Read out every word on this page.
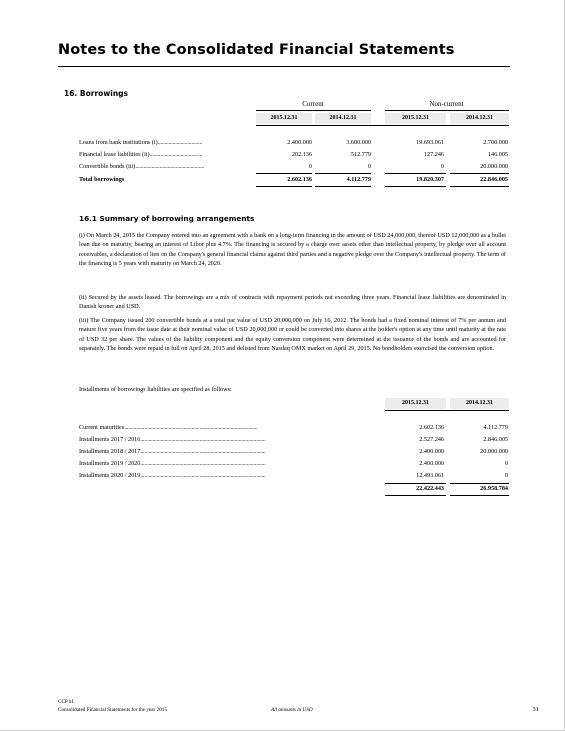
Notes to the Consolidated Financial Statements
16. Borrowings
Current	Non-current
2015.12.31	2014.12.31	2015.12.31	2014.12.31
Loans from bank institutions (i).................................	2.400.000	3.600.000	19.693.061	2.700.000
Financial lease liabilities (ii).......................................	202.136	512.779	127.246	146.005
Convertible bonds (iii)...................................................	0	0	0	20.000.000
Total borrowings	2.602.136	4.112.779	19.820.307	22.846.005
16.1 Summary of borrowing arrangements
(i) On March 24, 2015 the Company entered into an agreement with a bank on a long-term financing in the amount of USD 24,000,000, thereof USD 12,000,000 as a bullet loan due on maturity, bearing an interest of Libor plus 4.7%. The financing is secured by a charge over assets other than intellectual property, by pledge over all account receivables, a declaration of lien on the Company's general financial claims against third parties and a negative pledge over the Company's intellectual property. The term of the financing is 5 years with maturity on March 24, 2020.
(ii) Secured by the assets leased. The borrowings are a mix of contracts with repayment periods not exceeding three years. Financial lease liabilities are denominated in Danish kroner and USD.
(iii) The Company issued 200 convertible bonds at a total par value of USD 20,000,000 on July 16, 2012. The bonds had a fixed nominal interest of 7% per annum and mature five years from the issue date at their nominal value of USD 20,000,000 or could be converted into shares at the holder's option at any time until maturity at the rate of USD 32 per share. The values of the liability component and the equity conversion component were determined at the issuance of the bonds and are accounted for separately. The bonds were repaid in full on April 28, 2015 and delisted from Nasdaq OMX market on April 29, 2015. No bondholders exercised the conversion option.
Installments of borrowings liabilities are specified as follows:
2015.12.31	2014.12.31
Current maturities...................................................................................................	2.602.136	4.112.779
Installments 2017 / 2016.............................................................................................	2.527.246	2.846.005
Installments 2018 / 2017.............................................................................................	2.400.000	20.000.000
Installments 2019 / 2020.............................................................................................	2.400.000	0
Installments 2020 / 2019.............................................................................................	12.493.061	0
22.422.443	26.958.784
CCP hf.
Consolidated Financial Statements for the year 2015	All amounts in USD	31
